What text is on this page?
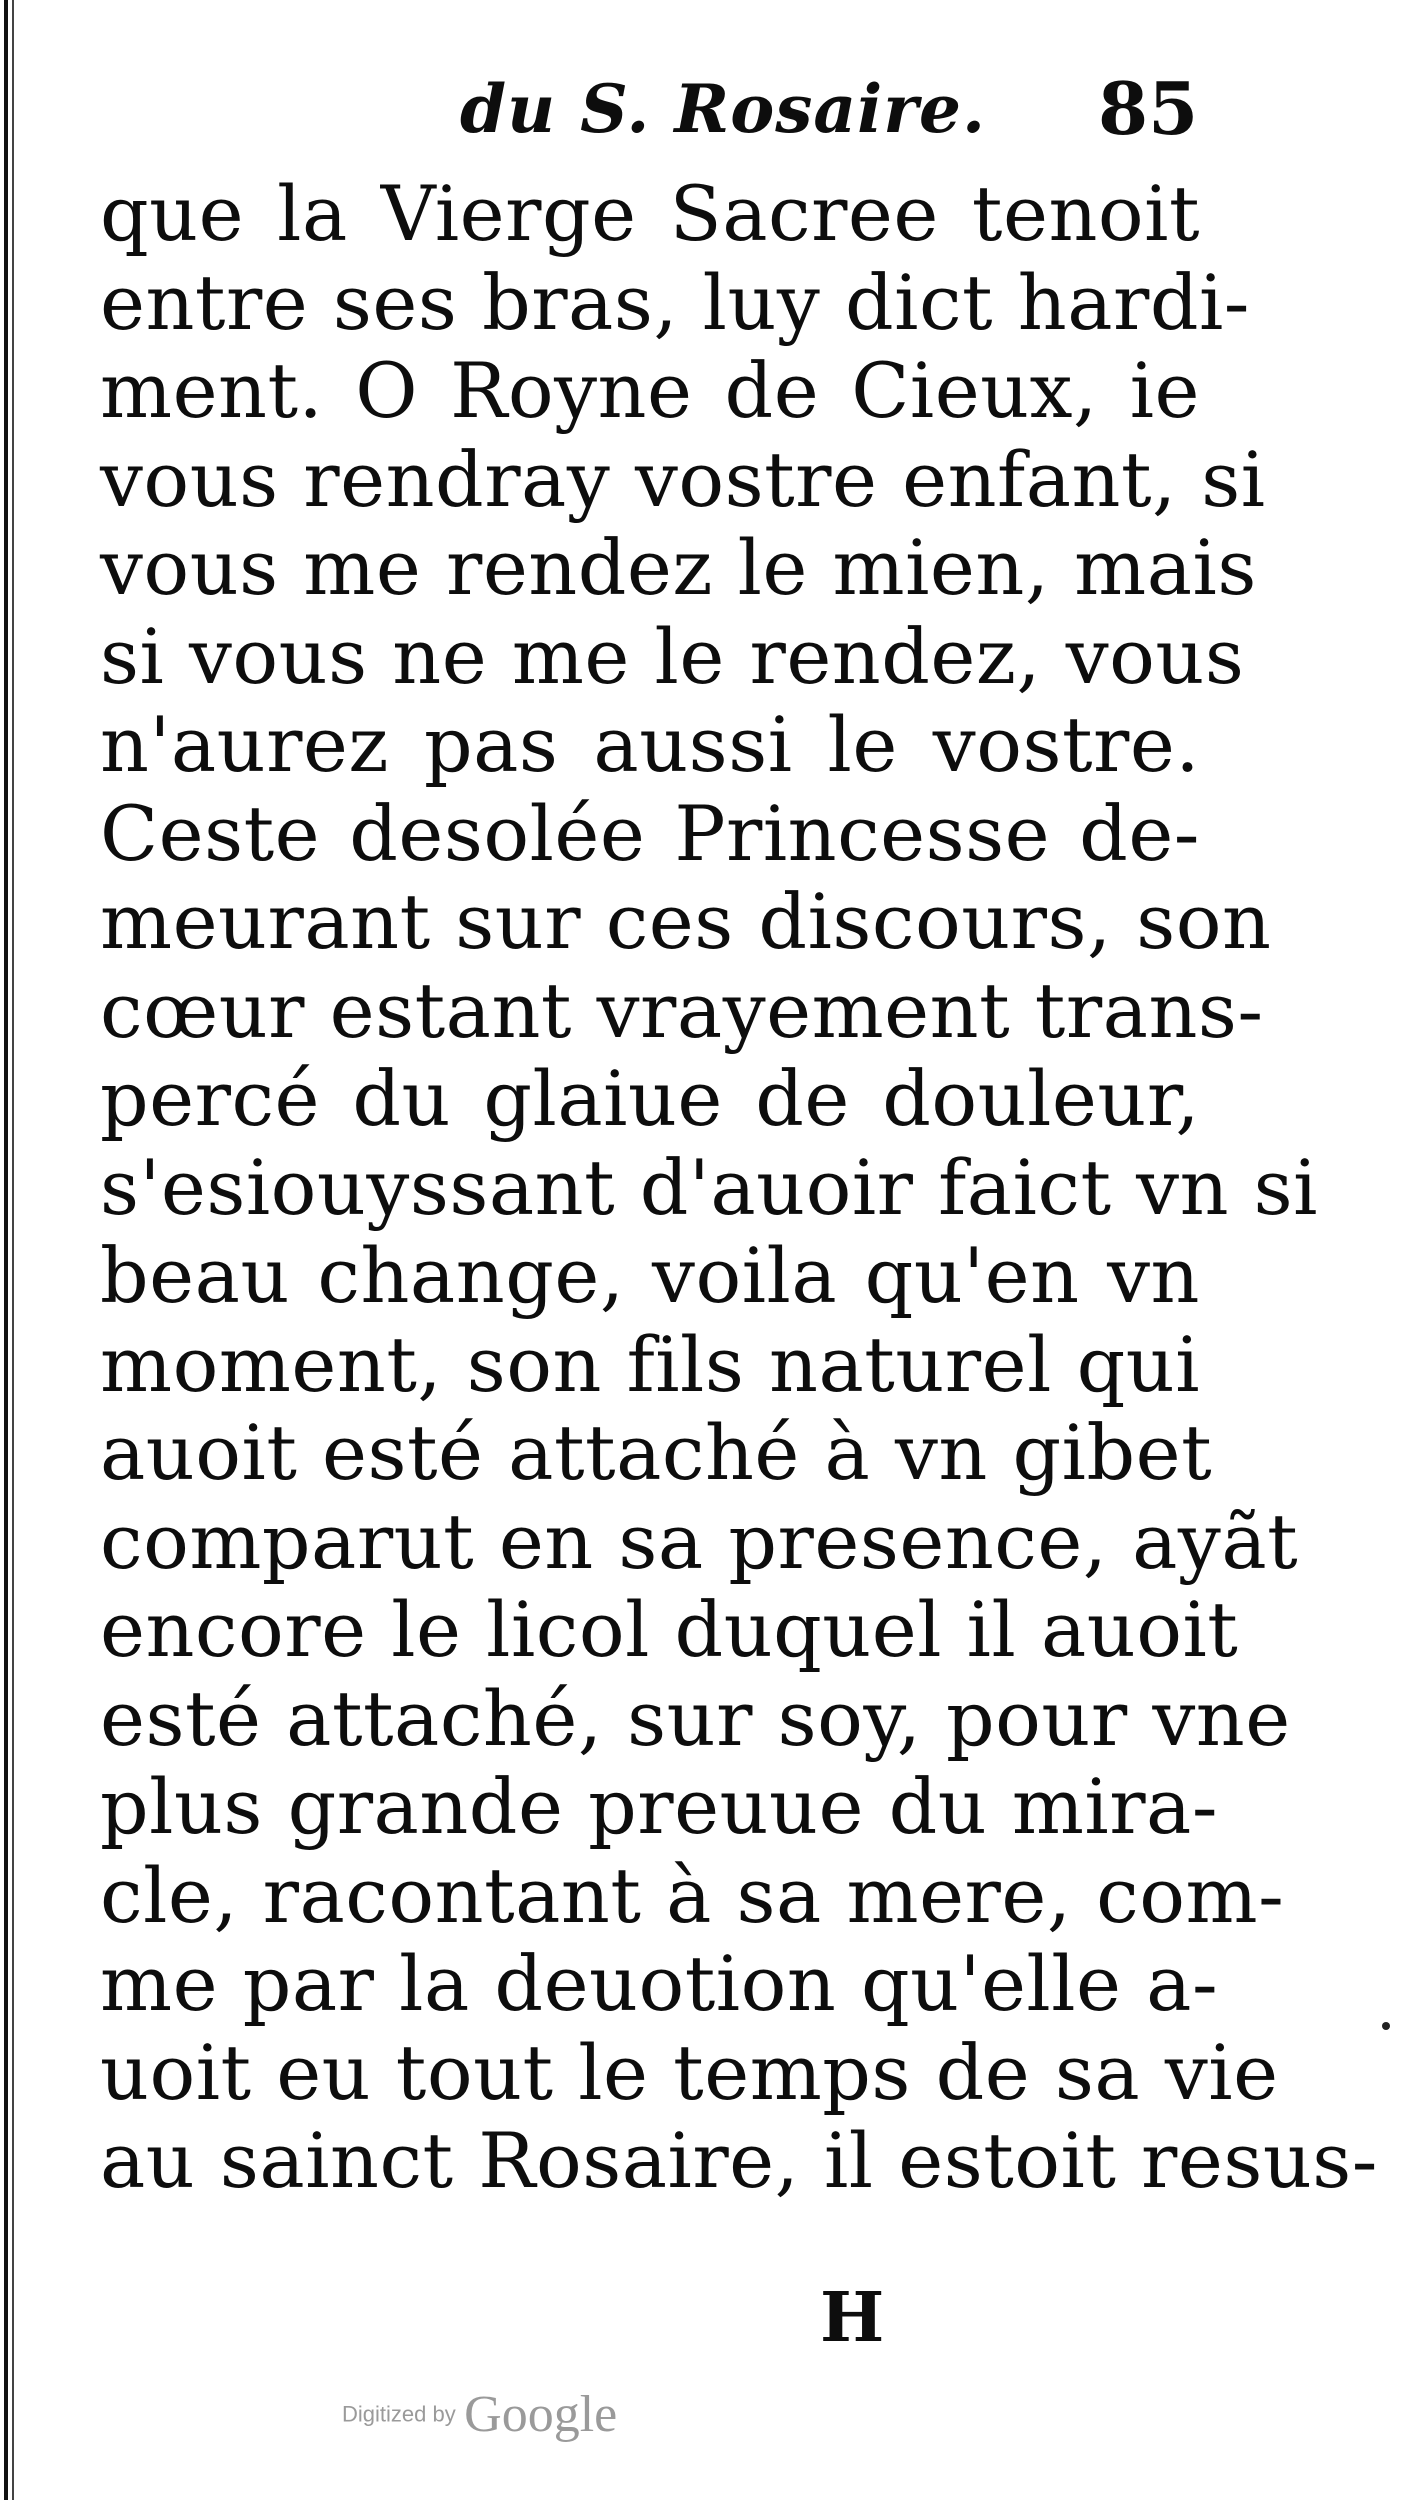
du S. Rosaire. 85
que la Vierge Sacree tenoit
entre ses bras, luy dict hardi-
ment. O Royne de Cieux, ie
vous rendray vostre enfant, si
vous me rendez le mien, mais
si vous ne me le rendez, vous
n'aurez pas aussi le vostre.
Ceste desolée Princesse de-
meurant sur ces discours, son
cœur estant vrayement trans-
percé du glaiue de douleur,
s'esiouyssant d'auoir faict vn si
beau change, voila qu'en vn
moment, son fils naturel qui
auoit esté attaché à vn gibet
comparut en sa presence, ayãt
encore le licol duquel il auoit
esté attaché, sur soy, pour vne
plus grande preuue du mira-
cle, racontant à sa mere, com-
me par la deuotion qu'elle a-
uoit eu tout le temps de sa vie
au sainct Rosaire, il estoit resus-
H
Digitized by Google
